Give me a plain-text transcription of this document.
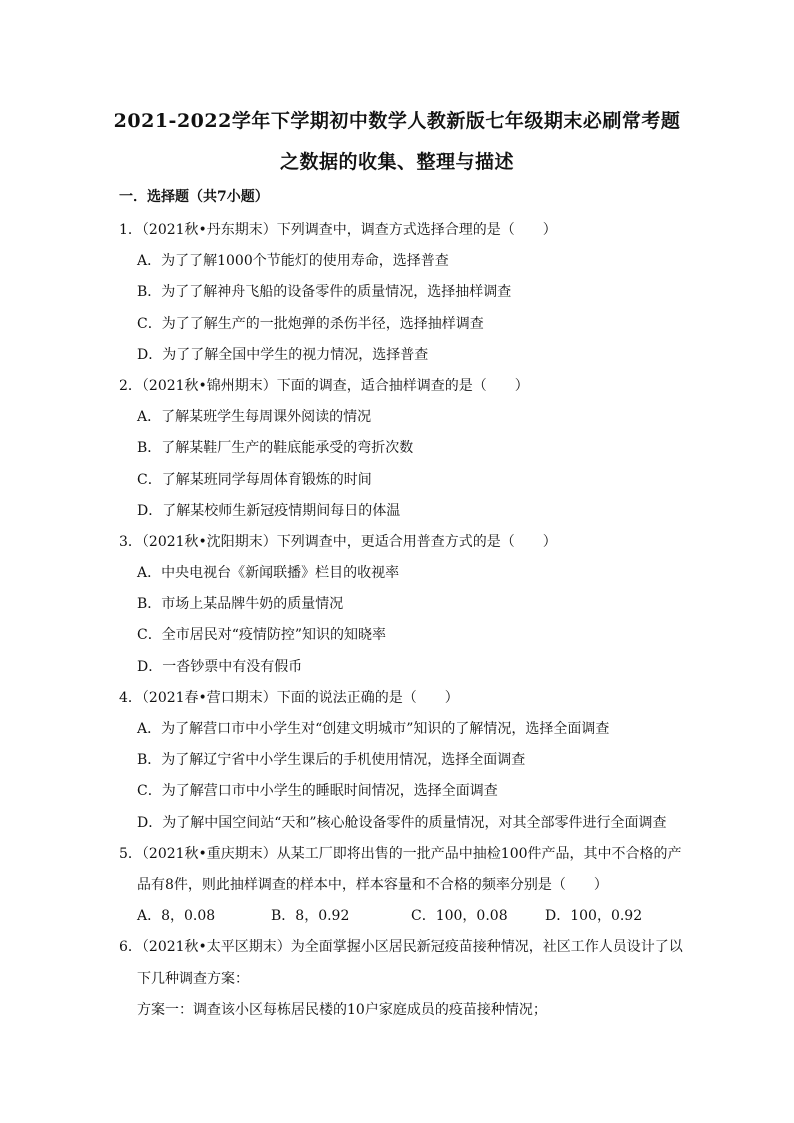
2021-2022学年下学期初中数学人教新版七年级期末必刷常考题
之数据的收集、整理与描述
一．选择题（共7小题）
1．（2021秋•丹东期末）下列调查中，调查方式选择合理的是（　　）
A．为了了解1000个节能灯的使用寿命，选择普查
B．为了了解神舟飞船的设备零件的质量情况，选择抽样调查
C．为了了解生产的一批炮弹的杀伤半径，选择抽样调查
D．为了了解全国中学生的视力情况，选择普查
2．（2021秋•锦州期末）下面的调查，适合抽样调查的是（　　）
A．了解某班学生每周课外阅读的情况
B．了解某鞋厂生产的鞋底能承受的弯折次数
C．了解某班同学每周体育锻炼的时间
D．了解某校师生新冠疫情期间每日的体温
3．（2021秋•沈阳期末）下列调查中，更适合用普查方式的是（　　）
A．中央电视台《新闻联播》栏目的收视率
B．市场上某品牌牛奶的质量情况
C．全市居民对“疫情防控”知识的知晓率
D．一沓钞票中有没有假币
4．（2021春•营口期末）下面的说法正确的是（　　）
A．为了解营口市中小学生对“创建文明城市”知识的了解情况，选择全面调查
B．为了解辽宁省中小学生课后的手机使用情况，选择全面调查
C．为了解营口市中小学生的睡眠时间情况，选择全面调查
D．为了解中国空间站“天和”核心舱设备零件的质量情况，对其全部零件进行全面调查
5．（2021秋•重庆期末）从某工厂即将出售的一批产品中抽检100件产品，其中不合格的产
品有8件，则此抽样调查的样本中，样本容量和不合格的频率分别是（　　）
A．8，0.08	B．8，0.92	C．100，0.08	D．100，0.92
6．（2021秋•太平区期末）为全面掌握小区居民新冠疫苗接种情况，社区工作人员设计了以
下几种调查方案：
方案一：调查该小区每栋居民楼的10户家庭成员的疫苗接种情况；
